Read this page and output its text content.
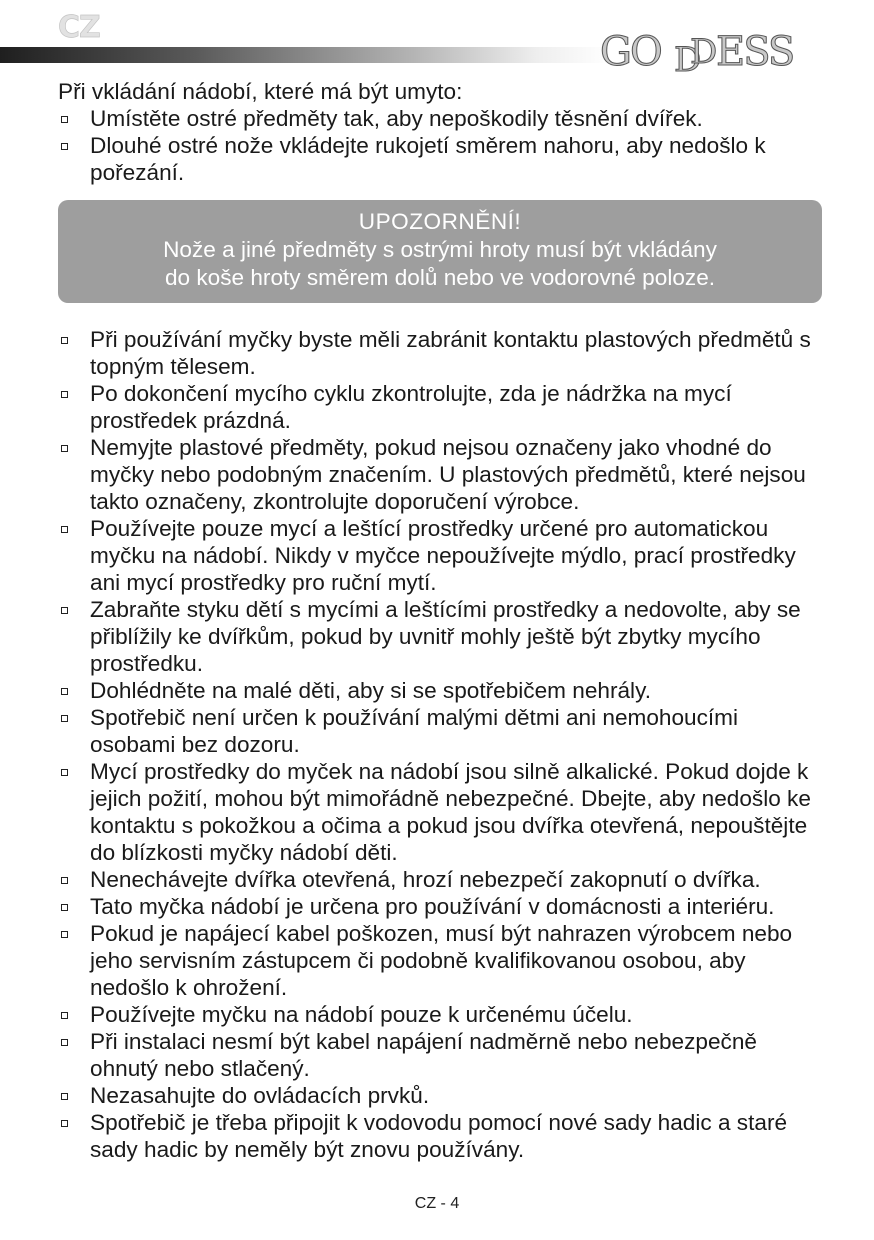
CZ
GO D
D ESS

Při vkládání nádobí, které má být umyto:

Umístěte ostré předměty tak, aby nepoškodily těsnění dvířek.
Dlouhé ostré nože vkládejte rukojetí směrem nahoru, aby nedošlo k pořezání.
UPOZORNĚNÍ!
Nože a jiné předměty s ostrými hroty musí být vkládány
do koše hroty směrem dolů nebo ve vodorovné poloze.
Při používání myčky byste měli zabránit kontaktu plastových předmětů s topným tělesem.
Po dokončení mycího cyklu zkontrolujte, zda je nádržka na mycí prostředek prázdná.
Nemyjte plastové předměty, pokud nejsou označeny jako vhodné do myčky nebo podobným značením. U plastových předmětů, které nejsou takto označeny, zkontrolujte doporučení výrobce.
Používejte pouze mycí a leštící prostředky určené pro automatickou myčku na nádobí. Nikdy v myčce nepoužívejte mýdlo, prací prostředky ani mycí prostředky pro ruční mytí.
Zabraňte styku dětí s mycími a leštícími prostředky a nedovolte, aby se přiblížily ke dvířkům, pokud by uvnitř mohly ještě být zbytky mycího prostředku.
Dohlédněte na malé děti, aby si se spotřebičem nehrály.
Spotřebič není určen k používání malými dětmi ani nemohoucími osobami bez dozoru.
Mycí prostředky do myček na nádobí jsou silně alkalické. Pokud dojde k jejich požití, mohou být mimořádně nebezpečné. Dbejte, aby nedošlo ke kontaktu s pokožkou a očima a pokud jsou dvířka otevřená, nepouštějte do blízkosti myčky nádobí děti.
Nenechávejte dvířka otevřená, hrozí nebezpečí zakopnutí o dvířka.
Tato myčka nádobí je určena pro používání v domácnosti a interiéru.
Pokud je napájecí kabel poškozen, musí být nahrazen výrobcem nebo jeho servisním zástupcem či podobně kvalifikovanou osobou, aby nedošlo k ohrožení.
Používejte myčku na nádobí pouze k určenému účelu.
Při instalaci nesmí být kabel napájení nadměrně nebo nebezpečně ohnutý nebo stlačený.
Nezasahujte do ovládacích prvků.
Spotřebič je třeba připojit k vodovodu pomocí nové sady hadic a staré sady hadic by neměly být znovu používány.
CZ - 4
